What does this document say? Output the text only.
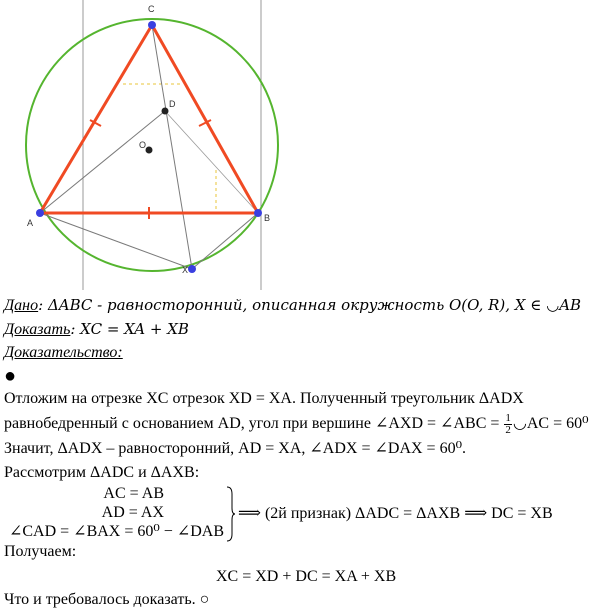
C
D
O
A	B
X
Дано: ΔABC - равносторонний, описанная окружность O(O, R), X ∈ ◡AB
Доказать: XC = XA + XB
Доказательство:
●
Отложим на отрезке XC отрезок XD = XA. Полученный треугольник ΔADX
равнобедренный с основанием AD, угол при вершине ∠AXD = ∠ABC = $\frac{1}{2}$ ◡AC = 60⁰
Значит, ΔADX – равносторонний, AD = XA, ∠ADX = ∠DAX = 60⁰.
Рассмотрим ΔADC и ΔAXB:
AC = AB
AD = AX
∠CAD = ∠BAX = 60⁰ − ∠DAB
⟹ (2й признак) ΔADC = ΔAXB ⟹ DC = XB
Получаем:
XC = XD + DC = XA + XB
Что и требовалось доказать. ○
